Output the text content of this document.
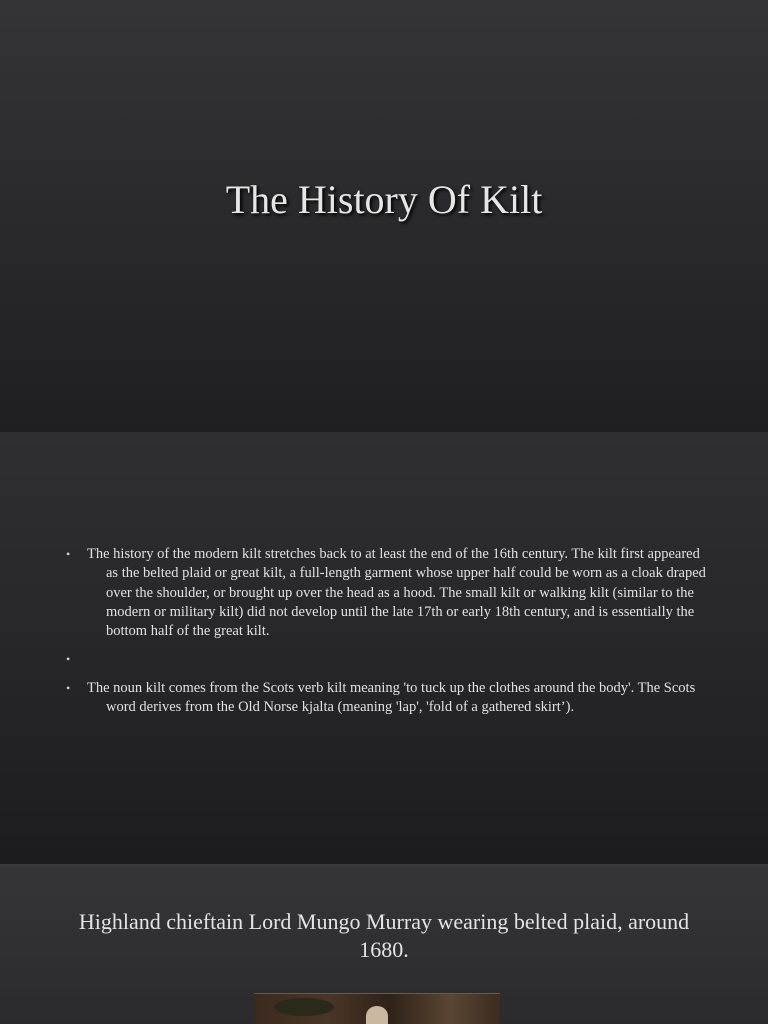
The History Of Kilt
• The history of the modern kilt stretches back to at least the end of the 16th century. The kilt first appeared as the belted plaid or great kilt, a full-length garment whose upper half could be worn as a cloak draped over the shoulder, or brought up over the head as a hood. The small kilt or walking kilt (similar to the modern or military kilt) did not develop until the late 17th or early 18th century, and is essentially the bottom half of the great kilt.
•
• The noun kilt comes from the Scots verb kilt meaning 'to tuck up the clothes around the body'. The Scots word derives from the Old Norse kjalta (meaning 'lap', 'fold of a gathered skirt’).
Highland chieftain Lord Mungo Murray wearing belted plaid, around 1680.
